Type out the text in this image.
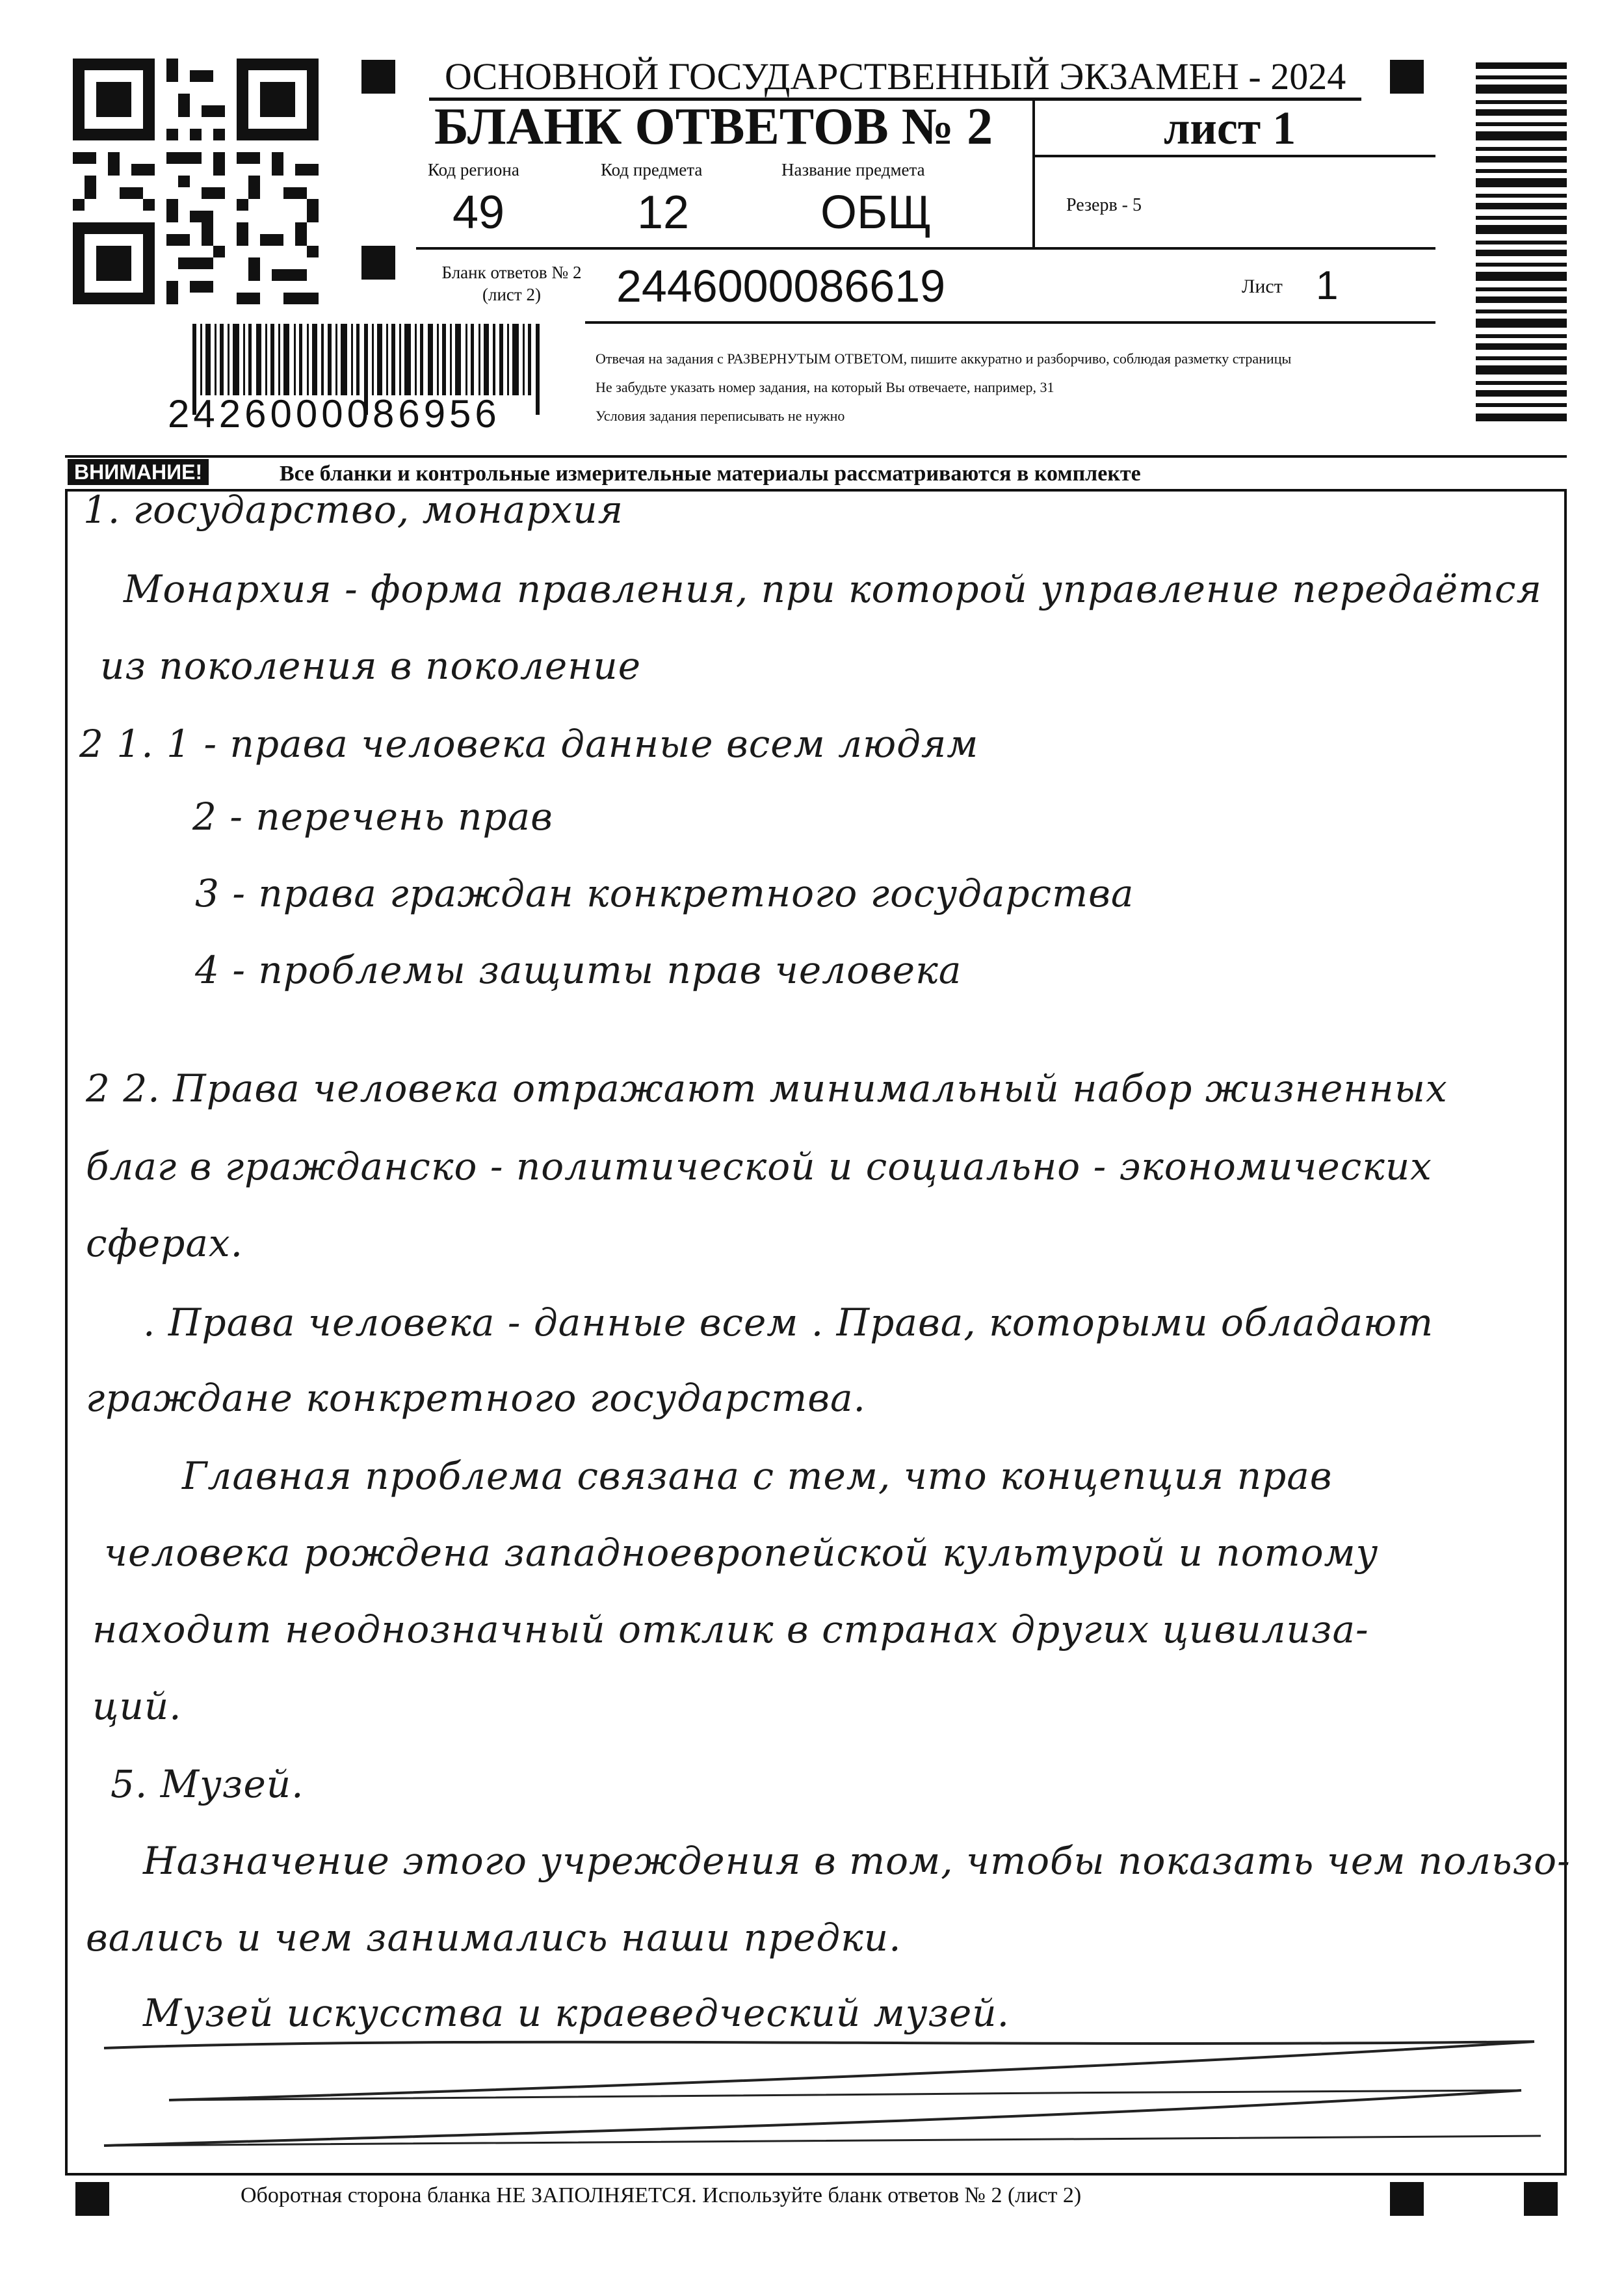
ОСНОВНОЙ ГОСУДАРСТВЕННЫЙ ЭКЗАМЕН - 2024
БЛАНК ОТВЕТОВ № 2	лист 1
Код региона
49
Код предмета
12
Название предмета
ОБЩ	Резерв - 5
Бланк ответов № 2
(лист 2)	2446000086619	Лист 1
2426000086956
Отвечая на задания с РАЗВЕРНУТЫМ ОТВЕТОМ, пишите аккуратно и разборчиво, соблюдая разметку страницы
Не забудьте указать номер задания, на который Вы отвечаете, например, 31
Условия задания переписывать не нужно
ВНИМАНИЕ!	Все бланки и контрольные измерительные материалы рассматриваются в комплекте
1. государство, монархия
Монархия - форма правления, при которой управление передаётся
из поколения в поколение
2 1. 1 - права человека данные всем людям
2 - перечень прав
3 - права граждан конкретного государства
4 - проблемы защиты прав человека
2 2. Права человека отражают минимальный набор жизненных
благ в гражданско - политической и социально - экономических
сферах.
. Права человека - данные всем . Права, которыми обладают
граждане конкретного государства.
Главная проблема связана с тем, что концепция прав
человека рождена западноевропейской культурой и потому
находит неоднозначный отклик в странах других цивилиза-
ций.
5. Музей.
Назначение этого учреждения в том, чтобы показать чем пользо-
вались и чем занимались наши предки.
Музей искусства и краеведческий музей.
Оборотная сторона бланка НЕ ЗАПОЛНЯЕТСЯ. Используйте бланк ответов № 2 (лист 2)
